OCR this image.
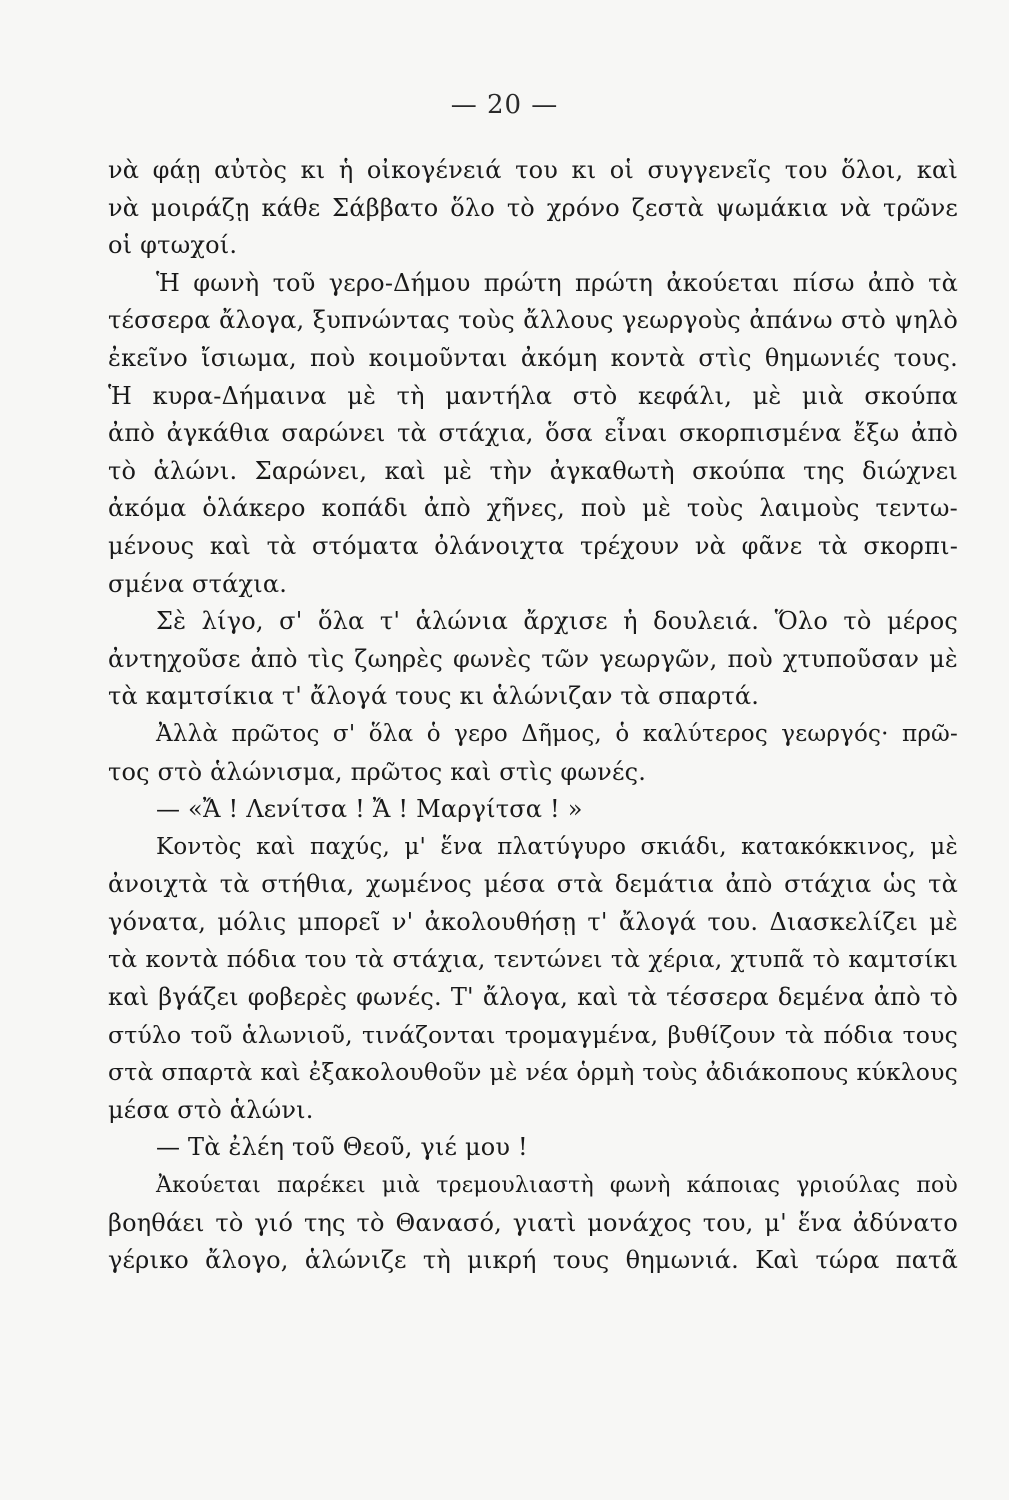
— 20 —
νὰ φάῃ αὐτὸς κι ἡ οἰκογένειά του κι οἱ συγγενεῖς του ὅλοι, καὶ
νὰ μοιράζῃ κάθε Σάββατο ὅλο τὸ χρόνο ζεστὰ ψωμάκια νὰ τρῶνε
οἱ φτωχοί.
Ἡ φωνὴ τοῦ γερο-Δήμου πρώτη πρώτη ἀκούεται πίσω ἀπὸ τὰ
τέσσερα ἄλογα, ξυπνώντας τοὺς ἄλλους γεωργοὺς ἀπάνω στὸ ψηλὸ
ἐκεῖνο ἴσιωμα, ποὺ κοιμοῦνται ἀκόμη κοντὰ στὶς θημωνιές τους.
Ἡ κυρα-Δήμαινα μὲ τὴ μαντήλα στὸ κεφάλι, μὲ μιὰ σκούπα
ἀπὸ ἀγκάθια σαρώνει τὰ στάχια, ὅσα εἶναι σκορπισμένα ἔξω ἀπὸ
τὸ ἁλώνι. Σαρώνει, καὶ μὲ τὴν ἀγκαθωτὴ σκούπα της διώχνει
ἀκόμα ὁλάκερο κοπάδι ἀπὸ χῆνες, ποὺ μὲ τοὺς λαιμοὺς τεντω-
μένους καὶ τὰ στόματα ὀλάνοιχτα τρέχουν νὰ φᾶνε τὰ σκορπι-
σμένα στάχια.
Σὲ λίγο, σ' ὅλα τ' ἁλώνια ἄρχισε ἡ δουλειά. Ὅλο τὸ μέρος
ἀντηχοῦσε ἀπὸ τὶς ζωηρὲς φωνὲς τῶν γεωργῶν, ποὺ χτυποῦσαν μὲ
τὰ καμτσίκια τ' ἄλογά τους κι ἁλώνιζαν τὰ σπαρτά.
Ἀλλὰ πρῶτος σ' ὅλα ὁ γερο Δῆμος, ὁ καλύτερος γεωργός· πρῶ-
τος στὸ ἁλώνισμα, πρῶτος καὶ στὶς φωνές.
— «Ἄ ! Λενίτσα ! Ἄ ! Μαργίτσα ! »
Κοντὸς καὶ παχύς, μ' ἕνα πλατύγυρο σκιάδι, κατακόκκινος, μὲ
ἀνοιχτὰ τὰ στήθια, χωμένος μέσα στὰ δεμάτια ἀπὸ στάχια ὡς τὰ
γόνατα, μόλις μπορεῖ ν' ἀκολουθήσῃ τ' ἄλογά του. Διασκελίζει μὲ
τὰ κοντὰ πόδια του τὰ στάχια, τεντώνει τὰ χέρια, χτυπᾶ τὸ καμτσίκι
καὶ βγάζει φοβερὲς φωνές. Τ' ἄλογα, καὶ τὰ τέσσερα δεμένα ἀπὸ τὸ
στύλο τοῦ ἁλωνιοῦ, τινάζονται τρομαγμένα, βυθίζουν τὰ πόδια τους
στὰ σπαρτὰ καὶ ἐξακολουθοῦν μὲ νέα ὁρμὴ τοὺς ἀδιάκοπους κύκλους
μέσα στὸ ἁλώνι.
— Τὰ ἐλέη τοῦ Θεοῦ, γιέ μου !
Ἀκούεται παρέκει μιὰ τρεμουλιαστὴ φωνὴ κάποιας γριούλας ποὺ
βοηθάει τὸ γιό της τὸ Θανασό, γιατὶ μονάχος του, μ' ἕνα ἀδύνατο
γέρικο ἄλογο, ἁλώνιζε τὴ μικρή τους θημωνιά. Καὶ τώρα πατᾶ
